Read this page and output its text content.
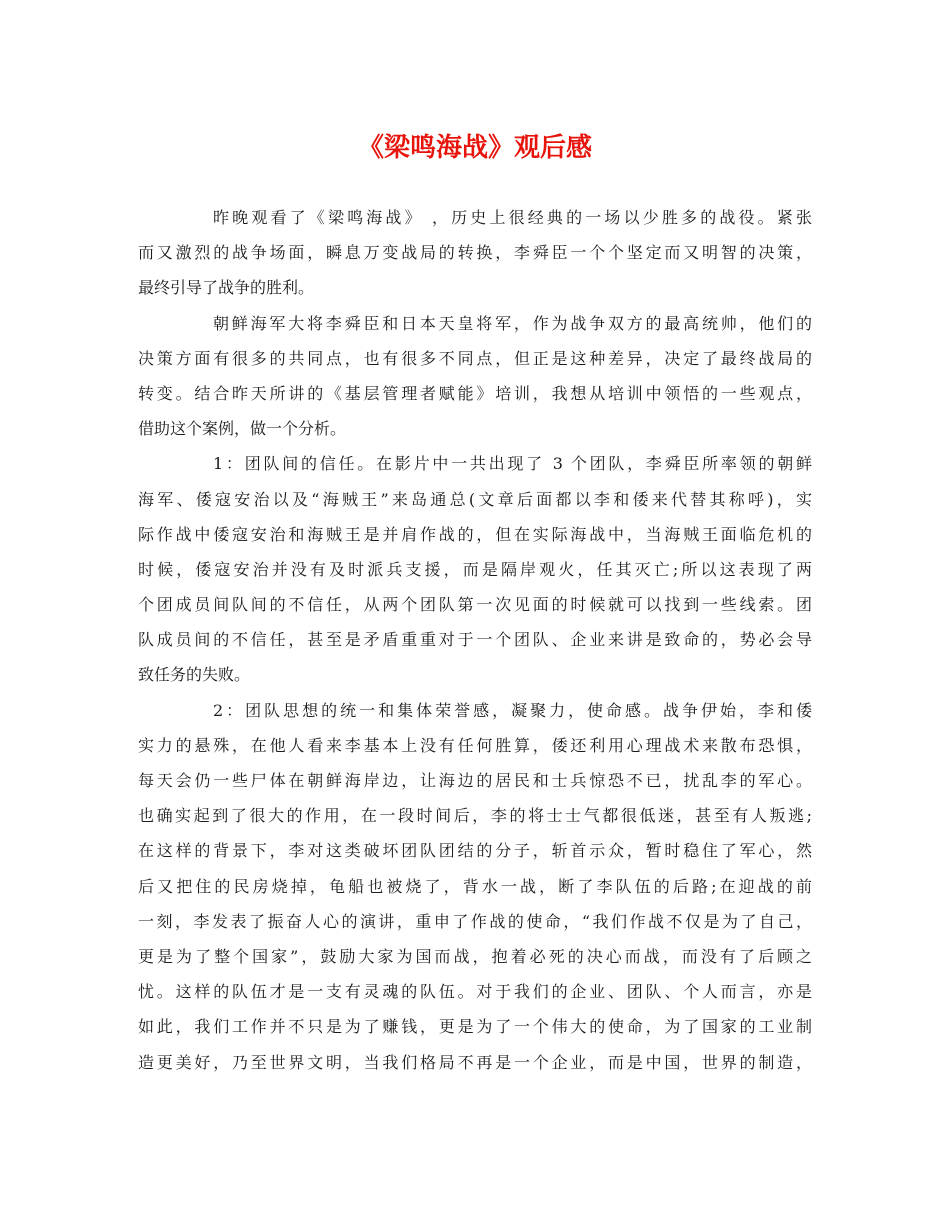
《梁鸣海战》观后感
昨晚观看了《梁鸣海战》 ，历史上很经典的一场以少胜多的战役。紧张
而又激烈的战争场面，瞬息万变战局的转换，李舜臣一个个坚定而又明智的决策，
最终引导了战争的胜利。
朝鲜海军大将李舜臣和日本天皇将军，作为战争双方的最高统帅，他们的
决策方面有很多的共同点，也有很多不同点，但正是这种差异，决定了最终战局的
转变。结合昨天所讲的《基层管理者赋能》培训，我想从培训中领悟的一些观点，
借助这个案例，做一个分析。
1：团队间的信任。在影片中一共出现了 3 个团队，李舜臣所率领的朝鲜
海军、倭寇安治以及“海贼王”来岛通总(文章后面都以李和倭来代替其称呼)，实
际作战中倭寇安治和海贼王是并肩作战的，但在实际海战中，当海贼王面临危机的
时候，倭寇安治并没有及时派兵支援，而是隔岸观火，任其灭亡;所以这表现了两
个团成员间队间的不信任，从两个团队第一次见面的时候就可以找到一些线索。团
队成员间的不信任，甚至是矛盾重重对于一个团队、企业来讲是致命的，势必会导
致任务的失败。
2：团队思想的统一和集体荣誉感，凝聚力，使命感。战争伊始，李和倭
实力的悬殊，在他人看来李基本上没有任何胜算，倭还利用心理战术来散布恐惧，
每天会仍一些尸体在朝鲜海岸边，让海边的居民和士兵惊恐不已，扰乱李的军心。
也确实起到了很大的作用，在一段时间后，李的将士士气都很低迷，甚至有人叛逃;
在这样的背景下，李对这类破坏团队团结的分子，斩首示众，暂时稳住了军心，然
后又把住的民房烧掉，龟船也被烧了，背水一战，断了李队伍的后路;在迎战的前
一刻，李发表了振奋人心的演讲，重申了作战的使命，“我们作战不仅是为了自己，
更是为了整个国家”，鼓励大家为国而战，抱着必死的决心而战，而没有了后顾之
忧。这样的队伍才是一支有灵魂的队伍。对于我们的企业、团队、个人而言，亦是
如此，我们工作并不只是为了赚钱，更是为了一个伟大的使命，为了国家的工业制
造更美好，乃至世界文明，当我们格局不再是一个企业，而是中国，世界的制造，
